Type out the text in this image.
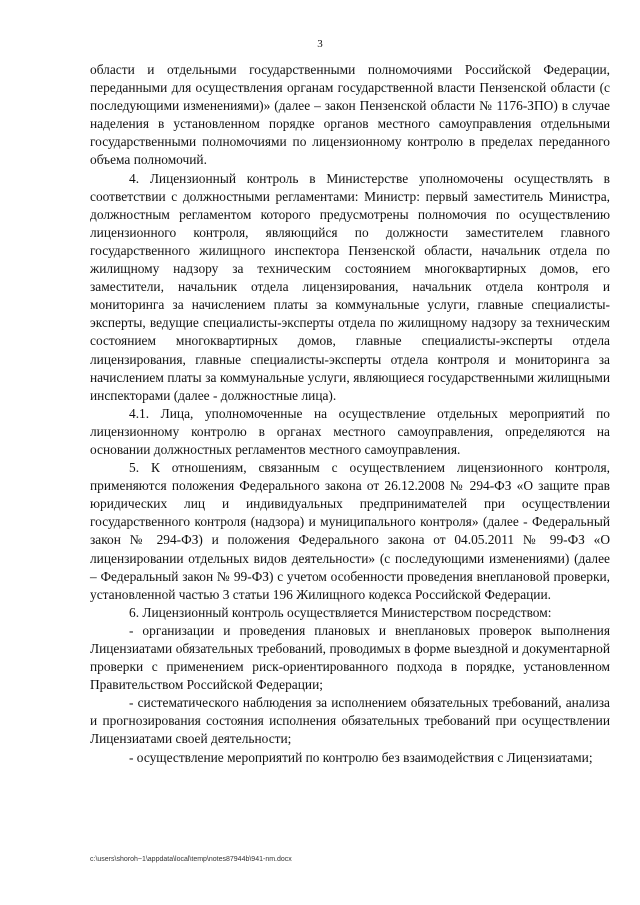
3

области и отдельными государственными полномочиями Российской Федерации, переданными для осуществления органам государственной власти Пензенской области (с последующими изменениями)» (далее – закон Пензенской области № 1176-ЗПО) в случае наделения в установленном порядке органов местного самоуправления отдельными государственными полномочиями по лицензионному контролю в пределах переданного объема полномочий.

4. Лицензионный контроль в Министерстве уполномочены осуществлять в соответствии с должностными регламентами: Министр: первый заместитель Министра, должностным регламентом которого предусмотрены полномочия по осуществлению лицензионного контроля, являющийся по должности заместителем главного государственного жилищного инспектора Пензенской области, начальник отдела по жилищному надзору за техническим состоянием многоквартирных домов, его заместители, начальник отдела лицензирования, начальник отдела контроля и мониторинга за начислением платы за коммунальные услуги, главные специалисты-эксперты, ведущие специалисты-эксперты отдела по жилищному надзору за техническим состоянием многоквартирных домов, главные специалисты-эксперты отдела лицензирования, главные специалисты-эксперты отдела контроля и мониторинга за начислением платы за коммунальные услуги, являющиеся государственными жилищными инспекторами (далее - должностные лица).

4.1. Лица, уполномоченные на осуществление отдельных мероприятий по лицензионному контролю в органах местного самоуправления, определяются на основании должностных регламентов местного самоуправления.

5. К отношениям, связанным с осуществлением лицензионного контроля, применяются положения Федерального закона от 26.12.2008 № 294-ФЗ «О защите прав юридических лиц и индивидуальных предпринимателей при осуществлении государственного контроля (надзора) и муниципального контроля» (далее - Федеральный закон № 294-ФЗ) и положения Федерального закона от 04.05.2011 № 99-ФЗ «О лицензировании отдельных видов деятельности» (с последующими изменениями) (далее – Федеральный закон № 99-ФЗ) с учетом особенности проведения внеплановой проверки, установленной частью 3 статьи 196 Жилищного кодекса Российской Федерации.

6. Лицензионный контроль осуществляется Министерством посредством:

- организации и проведения плановых и внеплановых проверок выполнения Лицензиатами обязательных требований, проводимых в форме выездной и документарной проверки с применением риск-ориентированного подхода в порядке, установленном Правительством Российской Федерации;

- систематического наблюдения за исполнением обязательных требований, анализа и прогнозирования состояния исполнения обязательных требований при осуществлении Лицензиатами своей деятельности;

- осуществление мероприятий по контролю без взаимодействия с Лицензиатами;

c:\users\shoroh~1\appdata\local\temp\notes87944b\941-nm.docx
